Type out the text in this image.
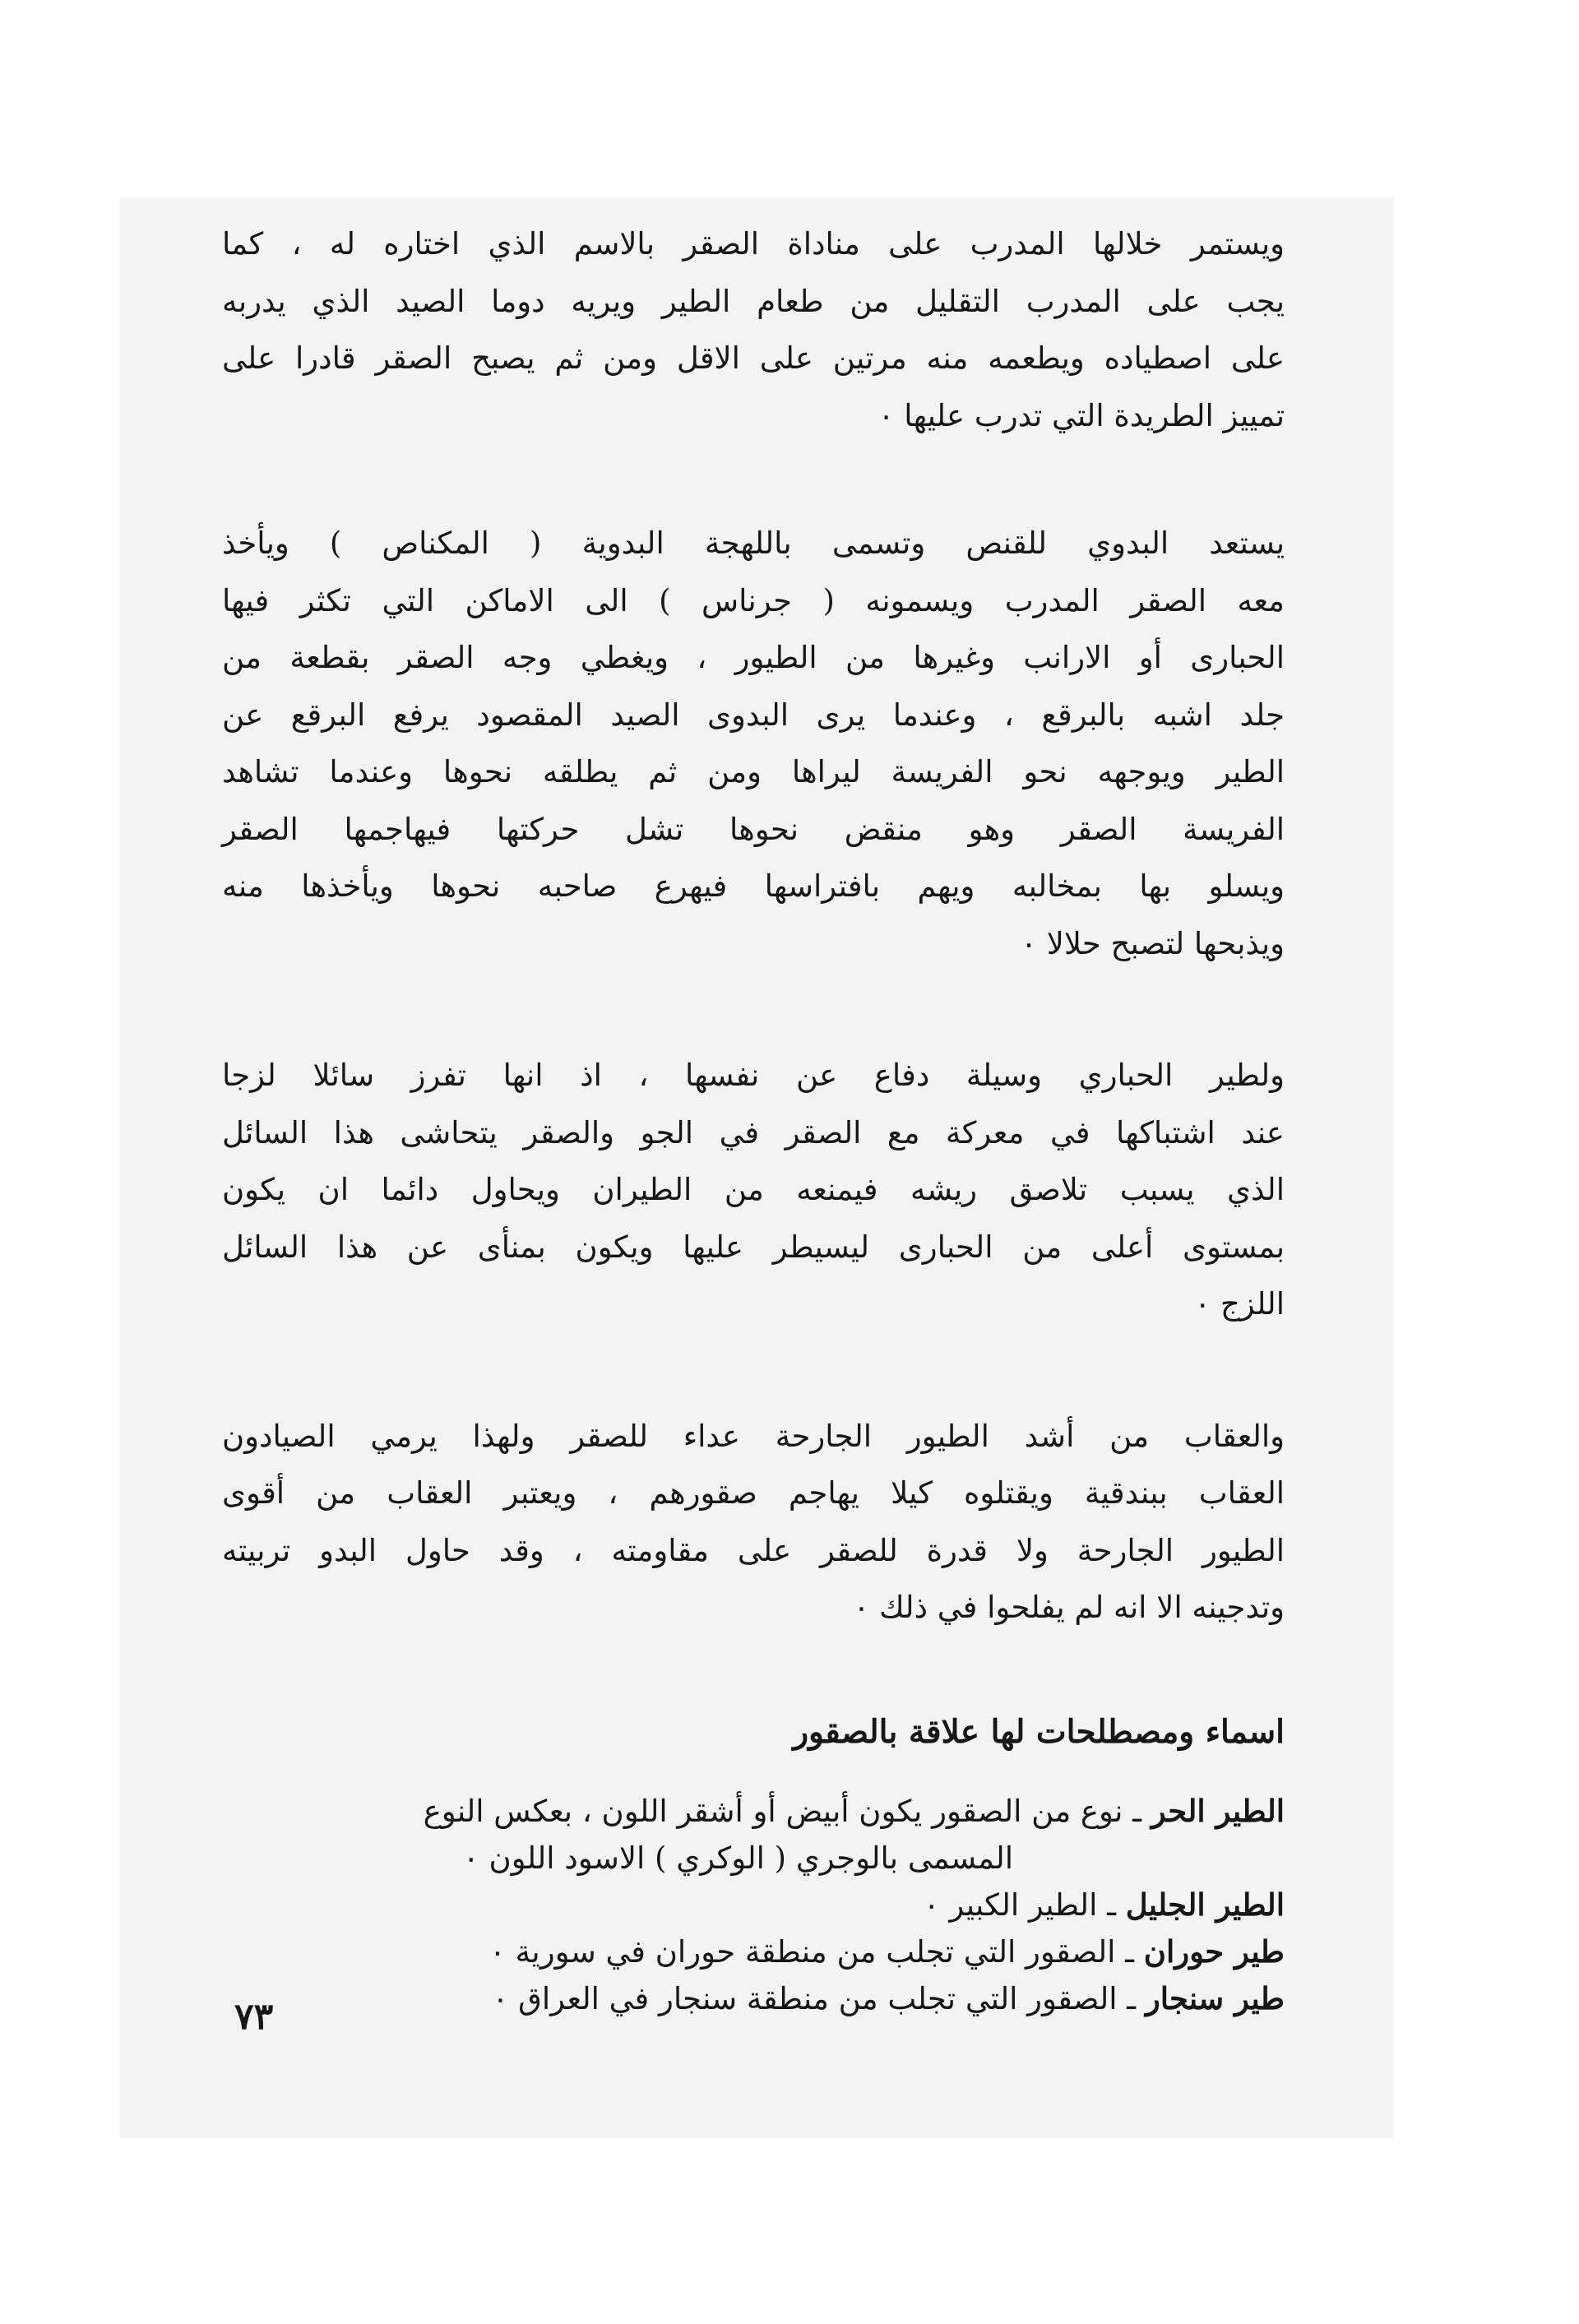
ويستمر خلالها المدرب على مناداة الصقر بالاسم الذي اختاره له ، كما
يجب على المدرب التقليل من طعام الطير ويريه دوما الصيد الذي يدربه
على اصطياده ويطعمه منه مرتين على الاقل ومن ثم يصبح الصقر قادرا على
تمييز الطريدة التي تدرب عليها ٠

يستعد البدوي للقنص وتسمى باللهجة البدوية ( المكناص ) ويأخذ
معه الصقر المدرب ويسمونه ( جرناس ) الى الاماكن التي تكثر فيها
الحبارى أو الارانب وغيرها من الطيور ، ويغطي وجه الصقر بقطعة من
جلد اشبه بالبرقع ، وعندما يرى البدوى الصيد المقصود يرفع البرقع عن
الطير ويوجهه نحو الفريسة ليراها ومن ثم يطلقه نحوها وعندما تشاهد
الفريسة الصقر وهو منقض نحوها تشل حركتها فيهاجمها الصقر
ويسلو بها بمخالبه ويهم بافتراسها فيهرع صاحبه نحوها ويأخذها منه
ويذبحها لتصبح حلالا ٠

ولطير الحباري وسيلة دفاع عن نفسها ، اذ انها تفرز سائلا لزجا
عند اشتباكها في معركة مع الصقر في الجو والصقر يتحاشى هذا السائل
الذي يسبب تلاصق ريشه فيمنعه من الطيران ويحاول دائما ان يكون
بمستوى أعلى من الحبارى ليسيطر عليها ويكون بمنأى عن هذا السائل
اللزج ٠

والعقاب من أشد الطيور الجارحة عداء للصقر ولهذا يرمي الصيادون
العقاب ببندقية ويقتلوه كيلا يهاجم صقورهم ، ويعتبر العقاب من أقوى
الطيور الجارحة ولا قدرة للصقر على مقاومته ، وقد حاول البدو تربيته
وتدجينه الا انه لم يفلحوا في ذلك ٠

اسماء ومصطلحات لها علاقة بالصقور
الطير الحر ـ نوع من الصقور يكون أبيض أو أشقر اللون ، بعكس النوع
المسمى بالوجري ( الوكري ) الاسود اللون ٠
الطير الجليل ـ الطير الكبير ٠
طير حوران ـ الصقور التي تجلب من منطقة حوران في سورية ٠
طير سنجار ـ الصقور التي تجلب من منطقة سنجار في العراق ٠
٧٣
